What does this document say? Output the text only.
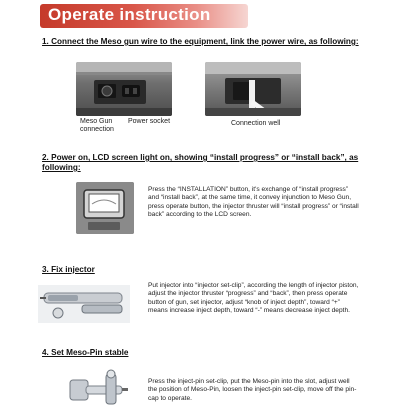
Operate instruction
1. Connect the Meso gun wire to the equipment, link the power wire, as following:
Meso Gun connection
Power socket	Connection well
2. Power on, LCD screen light on, showing “install progress” or “install back”, as following:
Press the “INSTALLATION” button, it's exchange of “install progress” and “install back”, at the same time, it convey injunction to Meso Gun, press operate button, the injector thruster will “install progress” or “install back” according to the LCD screen.
3. Fix injector
Put injector into “injector set-clip”, according the length of injector piston, adjust the injector thruster “progress” and “back”, then press operate button of gun, set injector, adjust “knob of inject depth”, toward “+” means increase inject depth, toward “-” means decrease inject depth.
4. Set Meso-Pin stable
Press the inject-pin set-clip, put the Meso-pin into the slot, adjust well the position of Meso-Pin, loosen the inject-pin set-clip, move off the pin-cap to operate.
